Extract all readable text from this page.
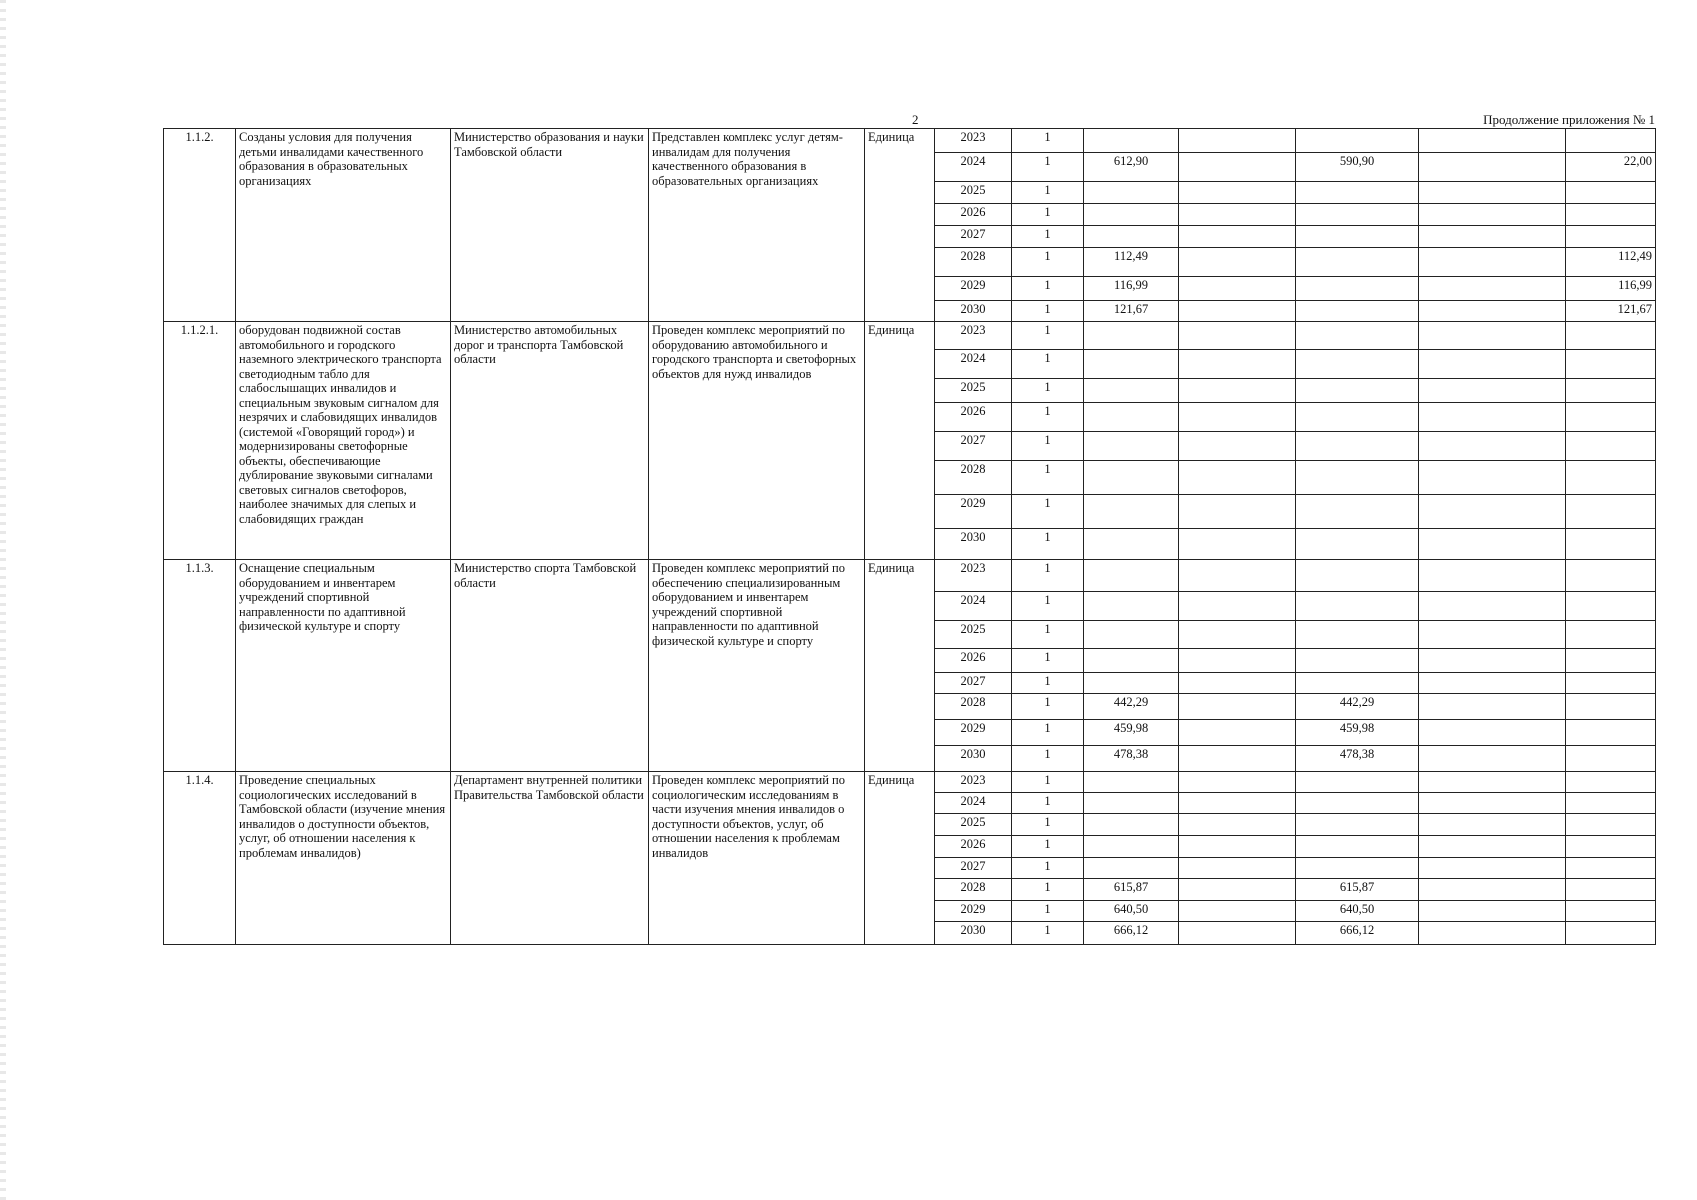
2	Продолжение приложения № 1
1.1.2.	Созданы условия для получения детьми инвалидами качественного образования в образовательных организациях	Министерство образования и науки Тамбовской области	Представлен комплекс услуг детям-инвалидам для получения качественного образования в образовательных организациях	Единица	2023	1					
					2024	1	612,90		590,90		22,00
					2025	1					
					2026	1					
					2027	1					
					2028	1	112,49				112,49
					2029	1	116,99				116,99
					2030	1	121,67				121,67
1.1.2.1.	оборудован подвижной состав автомобильного и городского наземного электрического транспорта светодиодным табло для слабослышащих инвалидов и специальным звуковым сигналом для незрячих и слабовидящих инвалидов (системой «Говорящий город») и модернизированы светофорные объекты, обеспечивающие дублирование звуковыми сигналами световых сигналов светофоров, наиболее значимых для слепых и слабовидящих граждан	Министерство автомобильных дорог и транспорта Тамбовской области	Проведен комплекс мероприятий по оборудованию автомобильного и городского транспорта и светофорных объектов для нужд инвалидов	Единица	2023	1					
					2024	1					
					2025	1					
					2026	1					
					2027	1					
					2028	1					
					2029	1					
					2030	1					
1.1.3.	Оснащение специальным оборудованием и инвентарем учреждений спортивной направленности по адаптивной физической культуре и спорту	Министерство спорта Тамбовской области	Проведен комплекс мероприятий по обеспечению специализированным оборудованием и инвентарем учреждений спортивной направленности по адаптивной физической культуре и спорту	Единица	2023	1					
					2024	1					
					2025	1					
					2026	1					
					2027	1					
					2028	1	442,29		442,29		
					2029	1	459,98		459,98		
					2030	1	478,38		478,38		
1.1.4.	Проведение специальных социологических исследований в Тамбовской области (изучение мнения инвалидов о доступности объектов, услуг, об отношении населения к проблемам инвалидов)	Департамент внутренней политики Правительства Тамбовской области	Проведен комплекс мероприятий по социологическим исследованиям в части изучения мнения инвалидов о доступности объектов, услуг, об отношении населения к проблемам инвалидов	Единица	2023	1					
					2024	1					
					2025	1					
					2026	1					
					2027	1					
					2028	1	615,87		615,87		
					2029	1	640,50		640,50		
					2030	1	666,12		666,12		
